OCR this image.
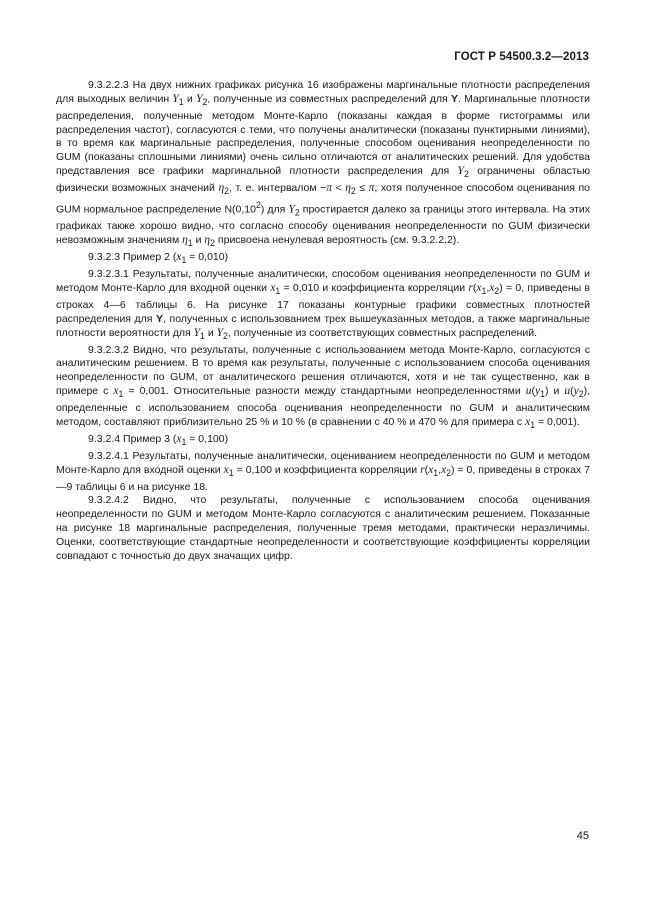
ГОСТ Р 54500.3.2—2013

9.3.2.2.3 На двух нижних графиках рисунка 16 изображены маргинальные плотности распределения для выходных величин $Y_1$ и $Y_2$, полученные из совместных распределений для Y. Маргинальные плотности распределения, полученные методом Монте-Карло (показаны каждая в форме гистограммы или распределения частот), согласуются с теми, что получены аналитически (показаны пунктирными линиями), в то время как маргинальные распределения, полученные способом оценивания неопределенности по GUM (показаны сплошными линиями) очень сильно отличаются от аналитических решений. Для удобства представления все графики маргинальной плотности распределения для $Y_2$ ограничены областью физически возможных значений $\eta_2$, т. е. интервалом $-\pi < \eta_2 \le \pi$, хотя полученное способом оценивания по GUM нормальное распределение N(0,10$^2$) для $Y_2$ простирается далеко за границы этого интервала. На этих графиках также хорошо видно, что согласно способу оценивания неопределенности по GUM физически невозможным значениям $\eta_1$ и $\eta_2$ присвоена ненулевая вероятность (см. 9.3.2.2.2).

9.3.2.3 Пример 2 $(x_1 = 0,010)$

9.3.2.3.1 Результаты, полученные аналитически, способом оценивания неопределенности по GUM и методом Монте-Карло для входной оценки $x_1 = 0,010$ и коэффициента корреляции $r(x_1,x_2) = 0$, приведены в строках 4—6 таблицы 6. На рисунке 17 показаны контурные графики совместных плотностей распределения для Y, полученных с использованием трех вышеуказанных методов, а также маргинальные плотности вероятности для $Y_1$ и $Y_2$, полученные из соответствующих совместных распределений.

9.3.2.3.2 Видно, что результаты, полученные с использованием метода Монте-Карло, согласуются с аналитическим решением. В то время как результаты, полученные с использованием способа оценивания неопределенности по GUM, от аналитического решения отличаются, хотя и не так существенно, как в примере с $x_1 = 0,001$. Относительные разности между стандартными неопределенностями $u(y_1)$ и $u(y_2)$, определенные с использованием способа оценивания неопределенности по GUM и аналитическим методом, составляют приблизительно 25 % и 10 % (в сравнении с 40 % и 470 % для примера с $x_1 = 0,001$).

9.3.2.4 Пример 3 $(x_1 = 0,100)$

9.3.2.4.1 Результаты, полученные аналитически, оцениванием неопределенности по GUM и методом Монте-Карло для входной оценки $x_1 = 0,100$ и коэффициента корреляции $r(x_1,x_2) = 0$, приведены в строках 7—9 таблицы 6 и на рисунке 18.

9.3.2.4.2 Видно, что результаты, полученные с использованием способа оценивания неопределенности по GUM и методом Монте-Карло согласуются с аналитическим решением. Показанные на рисунке 18 маргинальные распределения, полученные тремя методами, практически неразличимы. Оценки, соответствующие стандартные неопределенности и соответствующие коэффициенты корреляции совпадают с точностью до двух значащих цифр.

45
